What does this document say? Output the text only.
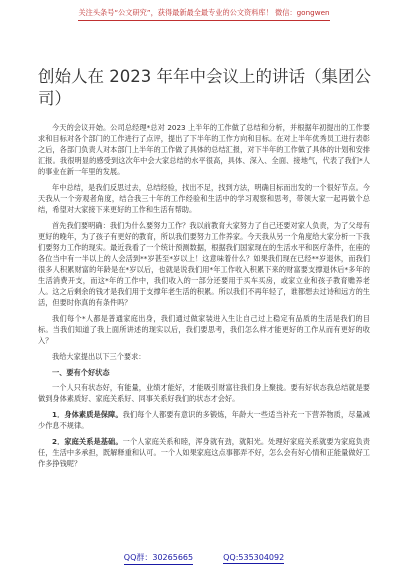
关注头条号“公文研究”，获得最新最全最专业的公文资料库！ 微信：gongwen
创始人在 2023 年年中会议上的讲话（集团公司）

今天的会议开始。公司总经理*总对 2023 上半年的工作做了总结和分析，并根据年初提出的工作要求和目标对各个部门的工作进行了点评，提出了下半年的工作方向和目标。在对上半年优秀员工进行表彰之后，各部门负责人对本部门上半年的工作做了具体的总结汇报，对下半年的工作做了具体的计划和安排汇报。我很明显的感受到这次年中会大家总结的水平很高，具体、深入、全面、接地气，代表了我们*人的事业在新一年里的发展。

年中总结，是我们反思过去，总结经验，找出不足，找到方法，明确目标而出发的一个很好节点。今天我从一个旁观者角度，结合我三十年的工作经验和生活中的学习观察和思考，带领大家一起再做个总结，希望对大家接下来更好的工作和生活有帮助。

首先我们要明确：我们为什么要努力工作？我以前教育大家努力了自己还要对家人负责，为了父母有更好的晚年，为了孩子有更好的教育，所以我们要努力工作养家。今天我从另一个角度给大家分析一下我们要努力工作的现实。最近我看了一个统计预测数据，根据我们国家现在的生活水平和医疗条件，在座的各位当中有一半以上的人会活到**岁甚至*岁以上！这意味着什么？如果我们现在已经**岁退休，而我们很多人积累财富的年龄是在*岁以后，也就是说我们用*年工作收入积累下来的财富要支撑退休后*多年的生活消费开支，而这*年的工作中，我们收入的一部分还要用于买车买房，或家立业和孩子教育赡养老人。这之后剩余的钱才是我们用于支撑年老生活的积累。所以我们不再年轻了，谁都想去过诗和远方的生活，但要时你真的有条件吗？

我们每个*人都是普通家庭出身，我们通过做家装进入生让自己过上稳定有品质的生活是我们的目标。当我们知道了我上面所讲述的现实以后，我们要思考，我们怎么样才能更好的工作从而有更好的收入？

我给大家提出以下三个要求：

一、要有个好状态

一个人只有状态好，有能量，业绩才能好，才能吸引财富往我们身上聚拢。要有好状态我总结就是要做到身体素质好、家庭关系好、同事关系好我们的状态才会好。

1．身体素质是保障。我们每个人都要有意识的多锻炼，年龄大一些适当补充一下营养物质，尽量减少作息不规律。

2．家庭关系是基础。一个人家庭关系和睦，浑身就有劲，就阳光。处理好家庭关系就要为家庭负责任，生活中多承担，既解释重和认可。一个人如果家庭这点事都弄不好，怎么会有好心情和正能量做好工作多挣钱呢？

QQ群：30265665	QQ:535304092
